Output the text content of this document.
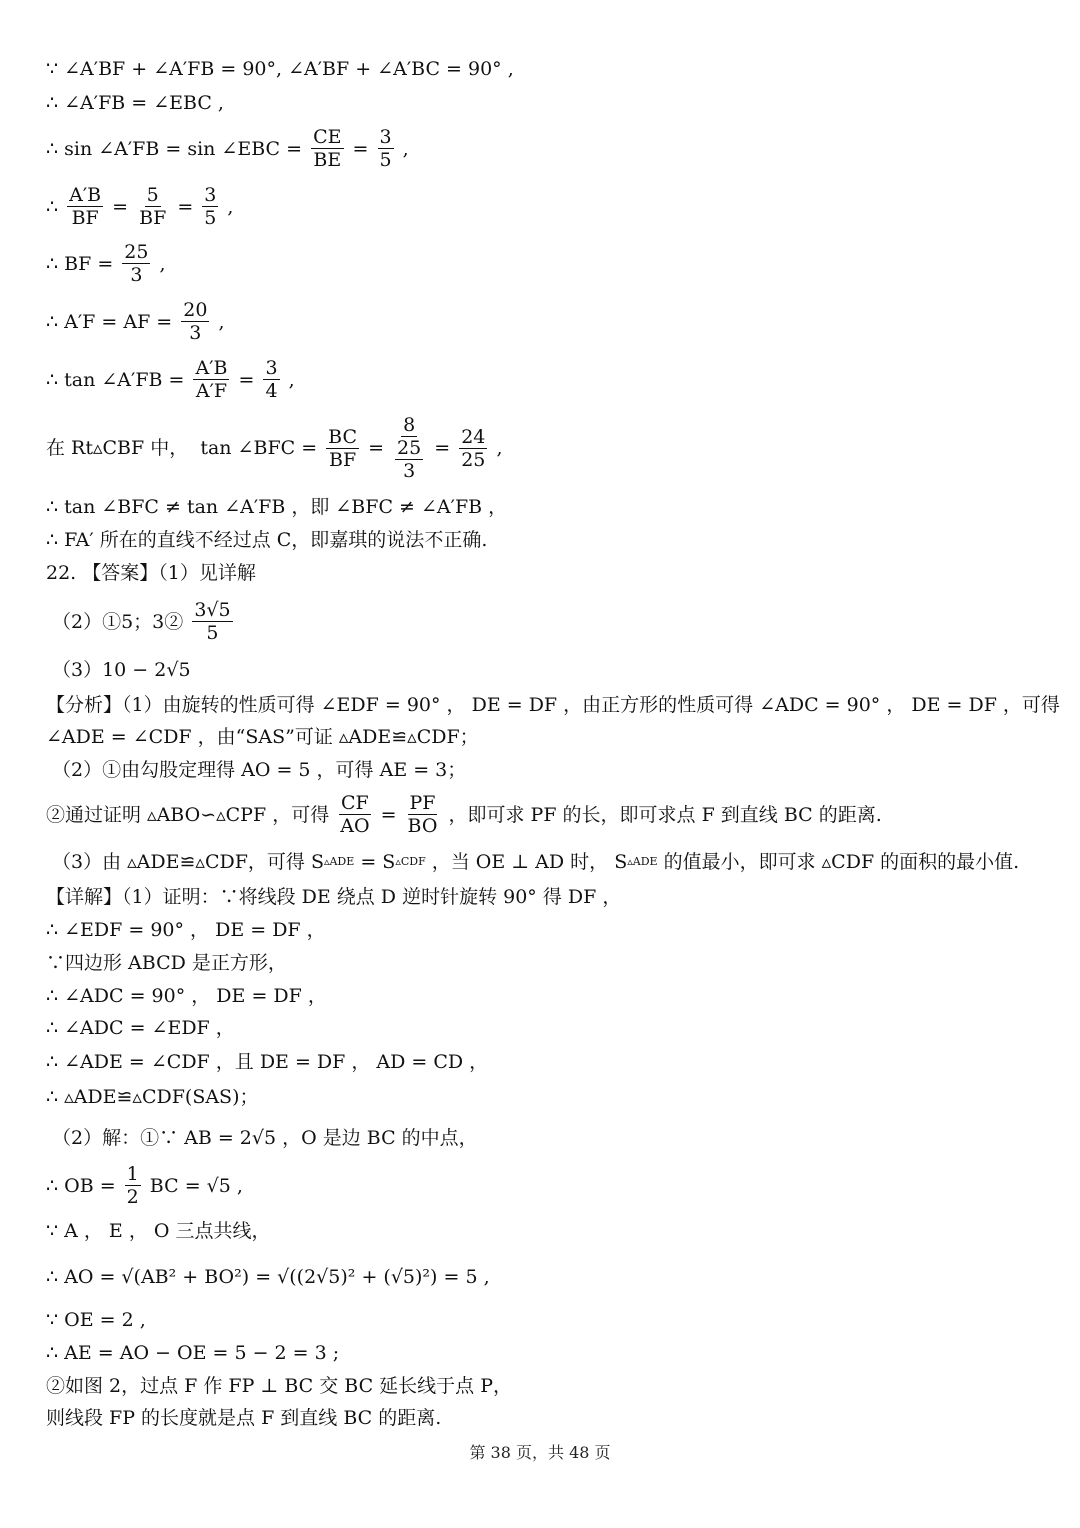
∵ ∠A′BF + ∠A′FB = 90°, ∠A′BF + ∠A′BC = 90° ,
∴ ∠A′FB = ∠EBC ,
∴ sin ∠A′FB = sin ∠EBC = $\frac{CE}{BE} = \frac{3}{5}$ ,
∴ $\frac{A'B}{BF} = \frac{5}{BF} = \frac{3}{5}$ ,
∴ BF = $\frac{25}{3}$ ,
∴ A′F = AF = $\frac{20}{3}$ ,
∴ tan ∠A′FB = $\frac{A'B}{A'F} = \frac{3}{4}$ ,
在 Rt▵CBF 中，  tan ∠BFC = $\frac{BC}{BF} = \frac{8}{\frac{25}{3}} = \frac{24}{25}$ ,
∴ tan ∠BFC ≠ tan ∠A′FB ，即 ∠BFC ≠ ∠A′FB ，
∴ FA′ 所在的直线不经过点 C，即嘉琪的说法不正确.
22. 【答案】（1）见详解
（2）①5；3② $\frac{3√5}{5}$
（3）10 − 2√5
【分析】（1）由旋转的性质可得 ∠EDF = 90° ， DE = DF ，由正方形的性质可得 ∠ADC = 90° ， DE = DF ，可得
∠ADE = ∠CDF ，由“SAS”可证 ▵ADE≌▵CDF；
（2）①由勾股定理得 AO = 5 ，可得 AE = 3；
②通过证明 ▵ABO∽▵CPF ，可得 $\frac{CF}{AO} = \frac{PF}{BO}$ ，即可求 PF 的长，即可求点 F 到直线 BC 的距离.
（3）由 ▵ADE≌▵CDF，可得 S ▵ADE = S ▵CDF ，当 OE ⊥ AD 时， S ▵ADE 的值最小，即可求 ▵CDF 的面积的最小值.
【详解】（1）证明：∵将线段 DE 绕点 D 逆时针旋转 90° 得 DF ，
∴ ∠EDF = 90° ， DE = DF ，
∵四边形 ABCD 是正方形，
∴ ∠ADC = 90° ， DE = DF ，
∴ ∠ADC = ∠EDF ，
∴ ∠ADE = ∠CDF ，且 DE = DF ， AD = CD ，
∴ ▵ADE≌▵CDF(SAS)；
（2）解：①∵ AB = 2√5 ，O 是边 BC 的中点，
∴ OB = $\frac{1}{2}$ BC = √5 ,
∵ A ， E ， O 三点共线，
∴ AO = √(AB² + BO²) = √((2√5)² + (√5)²) = 5 ,
∵ OE = 2 ,
∴ AE = AO − OE = 5 − 2 = 3 ;
②如图 2，过点 F 作 FP ⊥ BC 交 BC 延长线于点 P，
则线段 FP 的长度就是点 F 到直线 BC 的距离.
第 38 页，共 48 页
